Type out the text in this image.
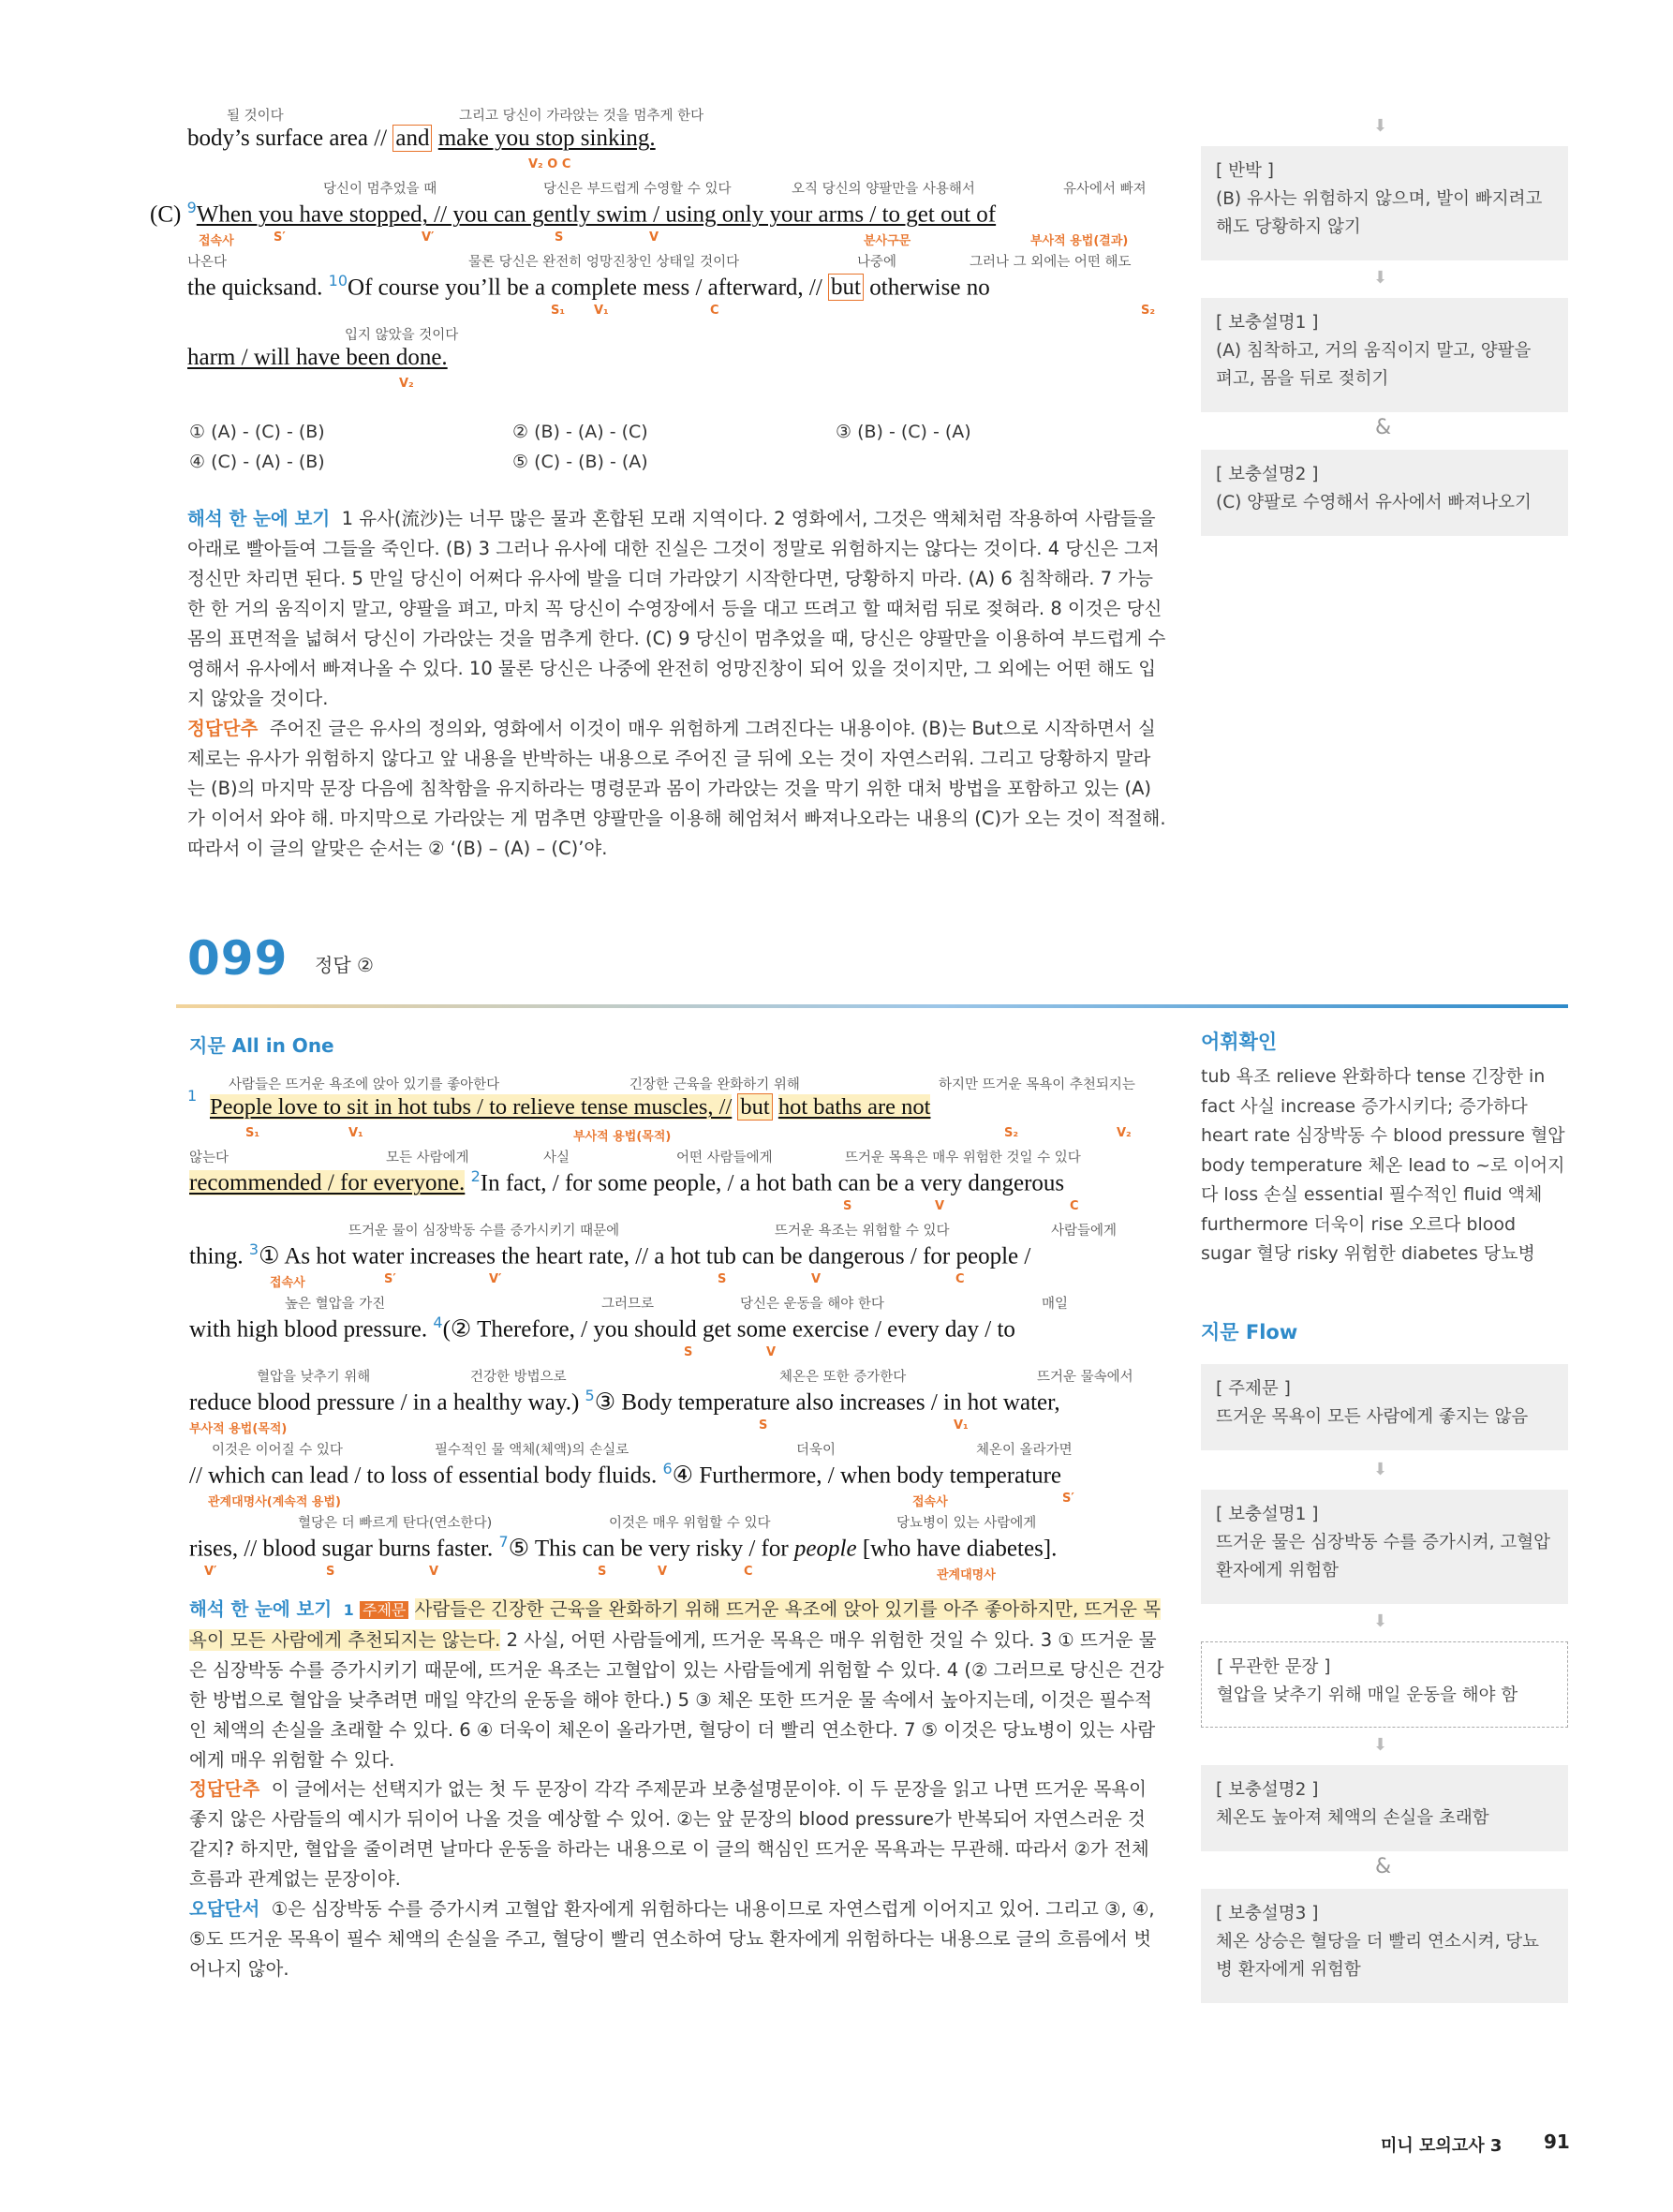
될 것이다	그리고 당신이 가라앉는 것을 멈추게 한다
body’s surface area // and make you stop sinking.
V₂ O C
당신이 멈추었을 때	당신은 부드럽게 수영할 수 있다	오직 당신의 양팔만을 사용해서	유사에서 빠져
(C) $^9$When you have stopped, // you can gently swim / using only your arms / to get out of
접속사	S′	V′	S	V	분사구문	부사적 용법(결과)
나온다	물론 당신은 완전히 엉망진창인 상태일 것이다	나중에	그러나 그 외에는 어떤 해도
the quicksand. $^{10}$Of course you’ll be a complete mess / afterward, // but otherwise no
S₁ V₁	C	S₂
입지 않았을 것이다
harm / will have been done.
V₂
① (A) - (C) - (B)	② (B) - (A) - (C)	③ (B) - (C) - (A)
④ (C) - (A) - (B)	⑤ (C) - (B) - (A)
해석 한 눈에 보기 1 유사(流沙)는 너무 많은 물과 혼합된 모래 지역이다. 2 영화에서, 그것은 액체처럼 작용하여 사람들을 아래로 빨아들여 그들을 죽인다. (B) 3 그러나 유사에 대한 진실은 그것이 정말로 위험하지는 않다는 것이다. 4 당신은 그저 정신만 차리면 된다. 5 만일 당신이 어쩌다 유사에 발을 디뎌 가라앉기 시작한다면, 당황하지 마라. (A) 6 침착해라. 7 가능한 한 거의 움직이지 말고, 양팔을 펴고, 마치 꼭 당신이 수영장에서 등을 대고 뜨려고 할 때처럼 뒤로 젖혀라. 8 이것은 당신 몸의 표면적을 넓혀서 당신이 가라앉는 것을 멈추게 한다. (C) 9 당신이 멈추었을 때, 당신은 양팔만을 이용하여 부드럽게 수영해서 유사에서 빠져나올 수 있다. 10 물론 당신은 나중에 완전히 엉망진창이 되어 있을 것이지만, 그 외에는 어떤 해도 입지 않았을 것이다.
정답단추 주어진 글은 유사의 정의와, 영화에서 이것이 매우 위험하게 그려진다는 내용이야. (B)는 But으로 시작하면서 실제로는 유사가 위험하지 않다고 앞 내용을 반박하는 내용으로 주어진 글 뒤에 오는 것이 자연스러워. 그리고 당황하지 말라는 (B)의 마지막 문장 다음에 침착함을 유지하라는 명령문과 몸이 가라앉는 것을 막기 위한 대처 방법을 포함하고 있는 (A)가 이어서 와야 해. 마지막으로 가라앉는 게 멈추면 양팔만을 이용해 헤엄쳐서 빠져나오라는 내용의 (C)가 오는 것이 적절해. 따라서 이 글의 알맞은 순서는 ② ‘(B) – (A) – (C)’야.
⬇
[ 반박 ]
(B) 유사는 위험하지 않으며, 발이 빠지려고 해도 당황하지 않기
⬇
[ 보충설명1 ]
(A) 침착하고, 거의 움직이지 말고, 양팔을 펴고, 몸을 뒤로 젖히기
&
[ 보충설명2 ]
(C) 양팔로 수영해서 유사에서 빠져나오기
099 정답 ②
지문 All in One
사람들은 뜨거운 욕조에 앉아 있기를 좋아한다	긴장한 근육을 완화하기 위해	하지만 뜨거운 목욕이 추천되지는
1 People love to sit in hot tubs / to relieve tense muscles, // but hot baths are not
S₁	V₁	부사적 용법(목적)	S₂	V₂
않는다	모든 사람에게	사실	어떤 사람들에게	뜨거운 목욕은 매우 위험한 것일 수 있다
recommended / for everyone. $^2$In fact, / for some people, / a hot bath can be a very dangerous
S	V	C
뜨거운 물이 심장박동 수를 증가시키기 때문에	뜨거운 욕조는 위험할 수 있다	사람들에게
thing. $^3$① As hot water increases the heart rate, // a hot tub can be dangerous / for people /
접속사	S′	V′	S	V	C
높은 혈압을 가진	그러므로	당신은 운동을 해야 한다	매일
with high blood pressure. $^4$(② Therefore, / you should get some exercise / every day / to
S	V
혈압을 낮추기 위해	건강한 방법으로	체온은 또한 증가한다	뜨거운 물속에서
reduce blood pressure / in a healthy way.) $^5$③ Body temperature also increases / in hot water,
부사적 용법(목적)	S	V₁
이것은 이어질 수 있다	필수적인 물 액체(체액)의 손실로	더욱이	체온이 올라가면
// which can lead / to loss of essential body fluids. $^6$④ Furthermore, / when body temperature
관계대명사(계속적 용법)	접속사	S′
혈당은 더 빠르게 탄다(연소한다)	이것은 매우 위험할 수 있다	당뇨병이 있는 사람에게
rises, // blood sugar burns faster. $^7$⑤ This can be very risky / for people [who have diabetes].
V′	S	V	S	V	C	관계대명사
해석 한 눈에 보기 1 주제문 사람들은 긴장한 근육을 완화하기 위해 뜨거운 욕조에 앉아 있기를 아주 좋아하지만, 뜨거운 목욕이 모든 사람에게 추천되지는 않는다. 2 사실, 어떤 사람들에게, 뜨거운 목욕은 매우 위험한 것일 수 있다. 3 ① 뜨거운 물은 심장박동 수를 증가시키기 때문에, 뜨거운 욕조는 고혈압이 있는 사람들에게 위험할 수 있다. 4 (② 그러므로 당신은 건강한 방법으로 혈압을 낮추려면 매일 약간의 운동을 해야 한다.) 5 ③ 체온 또한 뜨거운 물 속에서 높아지는데, 이것은 필수적인 체액의 손실을 초래할 수 있다. 6 ④ 더욱이 체온이 올라가면, 혈당이 더 빨리 연소한다. 7 ⑤ 이것은 당뇨병이 있는 사람에게 매우 위험할 수 있다.
정답단추 이 글에서는 선택지가 없는 첫 두 문장이 각각 주제문과 보충설명문이야. 이 두 문장을 읽고 나면 뜨거운 목욕이 좋지 않은 사람들의 예시가 뒤이어 나올 것을 예상할 수 있어. ②는 앞 문장의 blood pressure가 반복되어 자연스러운 것 같지? 하지만, 혈압을 줄이려면 날마다 운동을 하라는 내용으로 이 글의 핵심인 뜨거운 목욕과는 무관해. 따라서 ②가 전체 흐름과 관계없는 문장이야.
오답단서 ①은 심장박동 수를 증가시켜 고혈압 환자에게 위험하다는 내용이므로 자연스럽게 이어지고 있어. 그리고 ③, ④, ⑤도 뜨거운 목욕이 필수 체액의 손실을 주고, 혈당이 빨리 연소하여 당뇨 환자에게 위험하다는 내용으로 글의 흐름에서 벗어나지 않아.
어휘확인
tub 욕조 relieve 완화하다 tense 긴장한 in fact 사실 increase 증가시키다; 증가하다 heart rate 심장박동 수 blood pressure 혈압 body temperature 체온 lead to ~로 이어지다 loss 손실 essential 필수적인 fluid 액체 furthermore 더욱이 rise 오르다 blood sugar 혈당 risky 위험한 diabetes 당뇨병
지문 Flow
[ 주제문 ]
뜨거운 목욕이 모든 사람에게 좋지는 않음
⬇
[ 보충설명1 ]
뜨거운 물은 심장박동 수를 증가시켜, 고혈압 환자에게 위험함
⬇
[ 무관한 문장 ]
혈압을 낮추기 위해 매일 운동을 해야 함
⬇
[ 보충설명2 ]
체온도 높아져 체액의 손실을 초래함
&
[ 보충설명3 ]
체온 상승은 혈당을 더 빨리 연소시켜, 당뇨병 환자에게 위험함
미니 모의고사 3 91
